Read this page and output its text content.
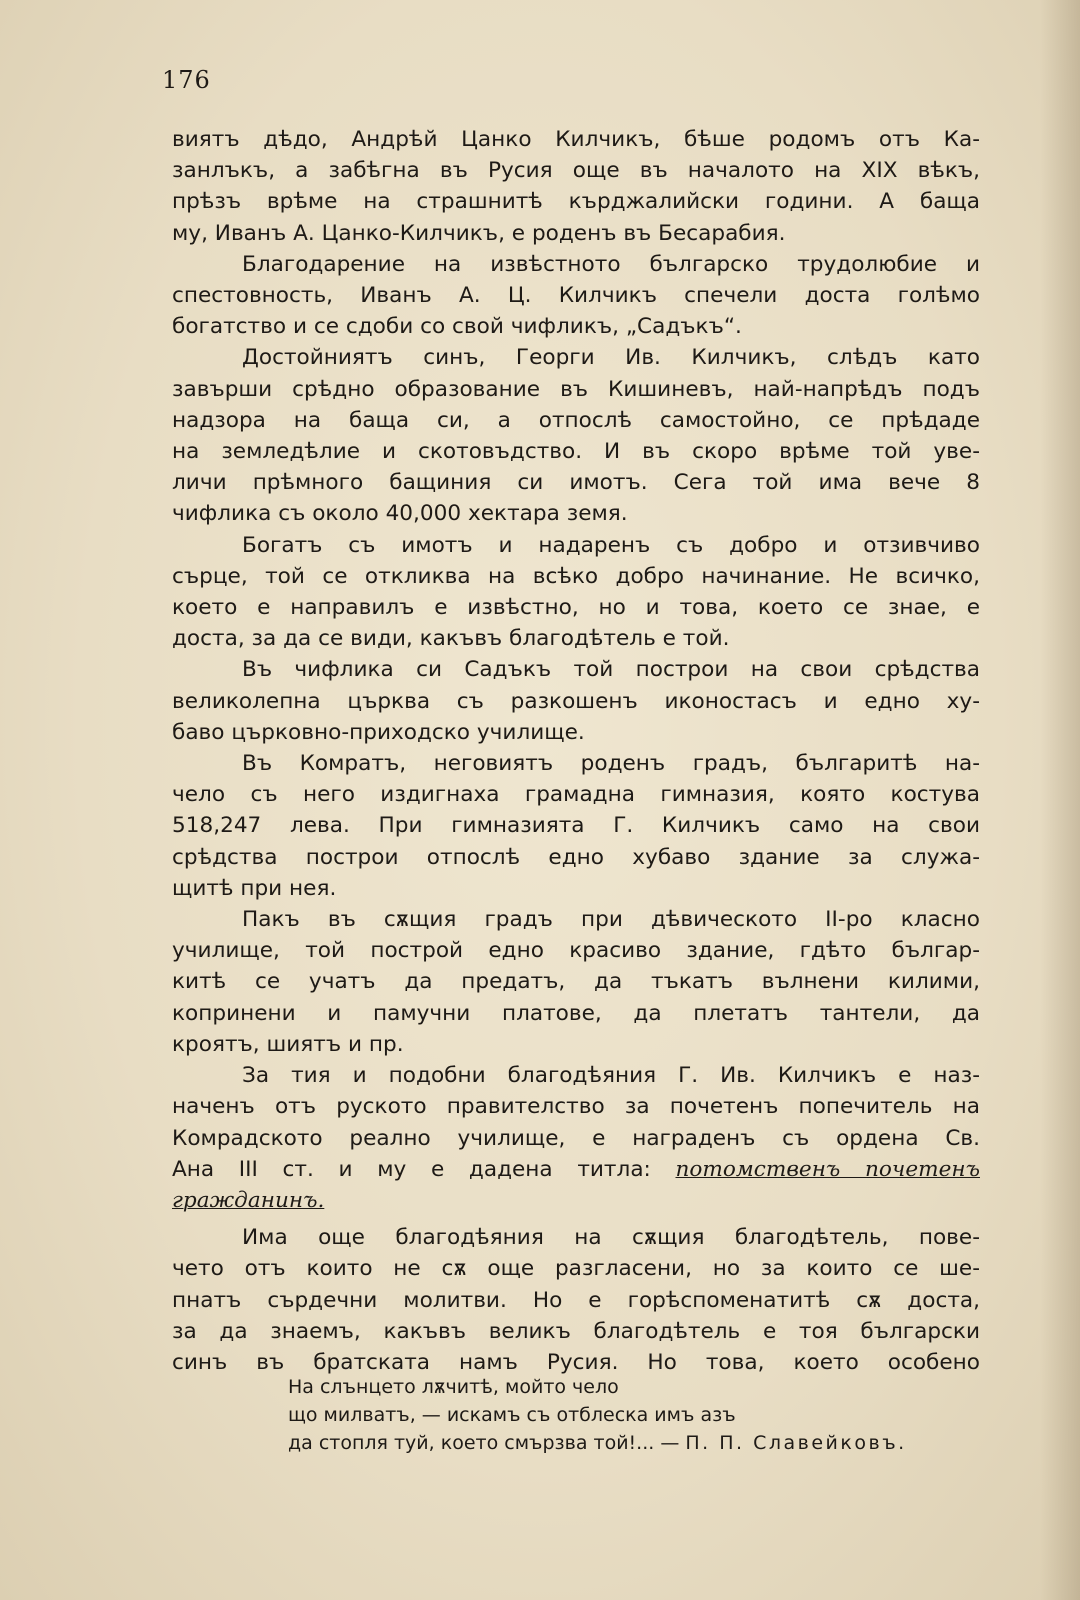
176

виятъ дѣдо, Андрѣй Цанко Килчикъ, бѣше родомъ отъ Ка-

занлъкъ, а забѣгна въ Русия още въ началото на XIX вѣкъ,

прѣзъ врѣме на страшнитѣ кърджалийски години. А баща

му, Иванъ А. Цанко-Килчикъ, е роденъ въ Бесарабия.

Благодарение на извѣстното българско трудолюбие и

спестовность, Иванъ А. Ц. Килчикъ спечели доста голѣмо

богатство и се сдоби со свой чифликъ, „Садъкъ“.

Достойниятъ синъ, Георги Ив. Килчикъ, слѣдъ като

завърши срѣдно образование въ Кишиневъ, най-напрѣдъ подъ

надзора на баща си, а отпослѣ самостойно, се прѣдаде

на земледѣлие и скотовъдство. И въ скоро врѣме той уве-

личи прѣмного бащиния си имотъ. Сега той има вече 8

чифлика съ около 40,000 хектара земя.

Богатъ съ имотъ и надаренъ съ добро и отзивчиво

сърце, той се откликва на всѣко добро начинание. Не всичко,

което е направилъ е извѣстно, но и това, което се знае, е

доста, за да се види, какъвъ благодѣтель е той.

Въ чифлика си Садъкъ той построи на свои срѣдства

великолепна църква съ разкошенъ иконостасъ и едно ху-

баво църковно-приходско училище.

Въ Комратъ, неговиятъ роденъ градъ, българитѣ на-

чело съ него издигнаха грамадна гимназия, която костува

518,247 лева. При гимназията Г. Килчикъ само на свои

срѣдства построи отпослѣ едно хубаво здание за служа-

щитѣ при нея.

Пакъ въ сѫщия градъ при дѣвическото II-ро класно

училище, той построй едно красиво здание, гдѣто българ-

китѣ се учатъ да предатъ, да тъкатъ вълнени килими,

копринени и памучни платове, да плетатъ тантели, да

кроятъ, шиятъ и пр.

За тия и подобни благодѣяния Г. Ив. Килчикъ е наз-

наченъ отъ руското правителство за почетенъ попечитель на

Комрадското реално училище, е награденъ съ ордена Св.

Ана III ст. и му е дадена титла: потомственъ почетенъ

гражданинъ.

Има още благодѣяния на сѫщия благодѣтель, пове-

чето отъ които не сѫ още разгласени, но за които се ше-

пнатъ сърдечни молитви. Но е горѣспоменатитѣ сѫ доста,

за да знаемъ, какъвъ великъ благодѣтель е тоя български

синъ въ братската намъ Русия. Но това, което особено

На слънцето лѫчитѣ, мойто чело
що милватъ, — искамъ съ отблеска имъ азъ
да стопля туй, което смързва той!... — П. П. Славейковъ.
